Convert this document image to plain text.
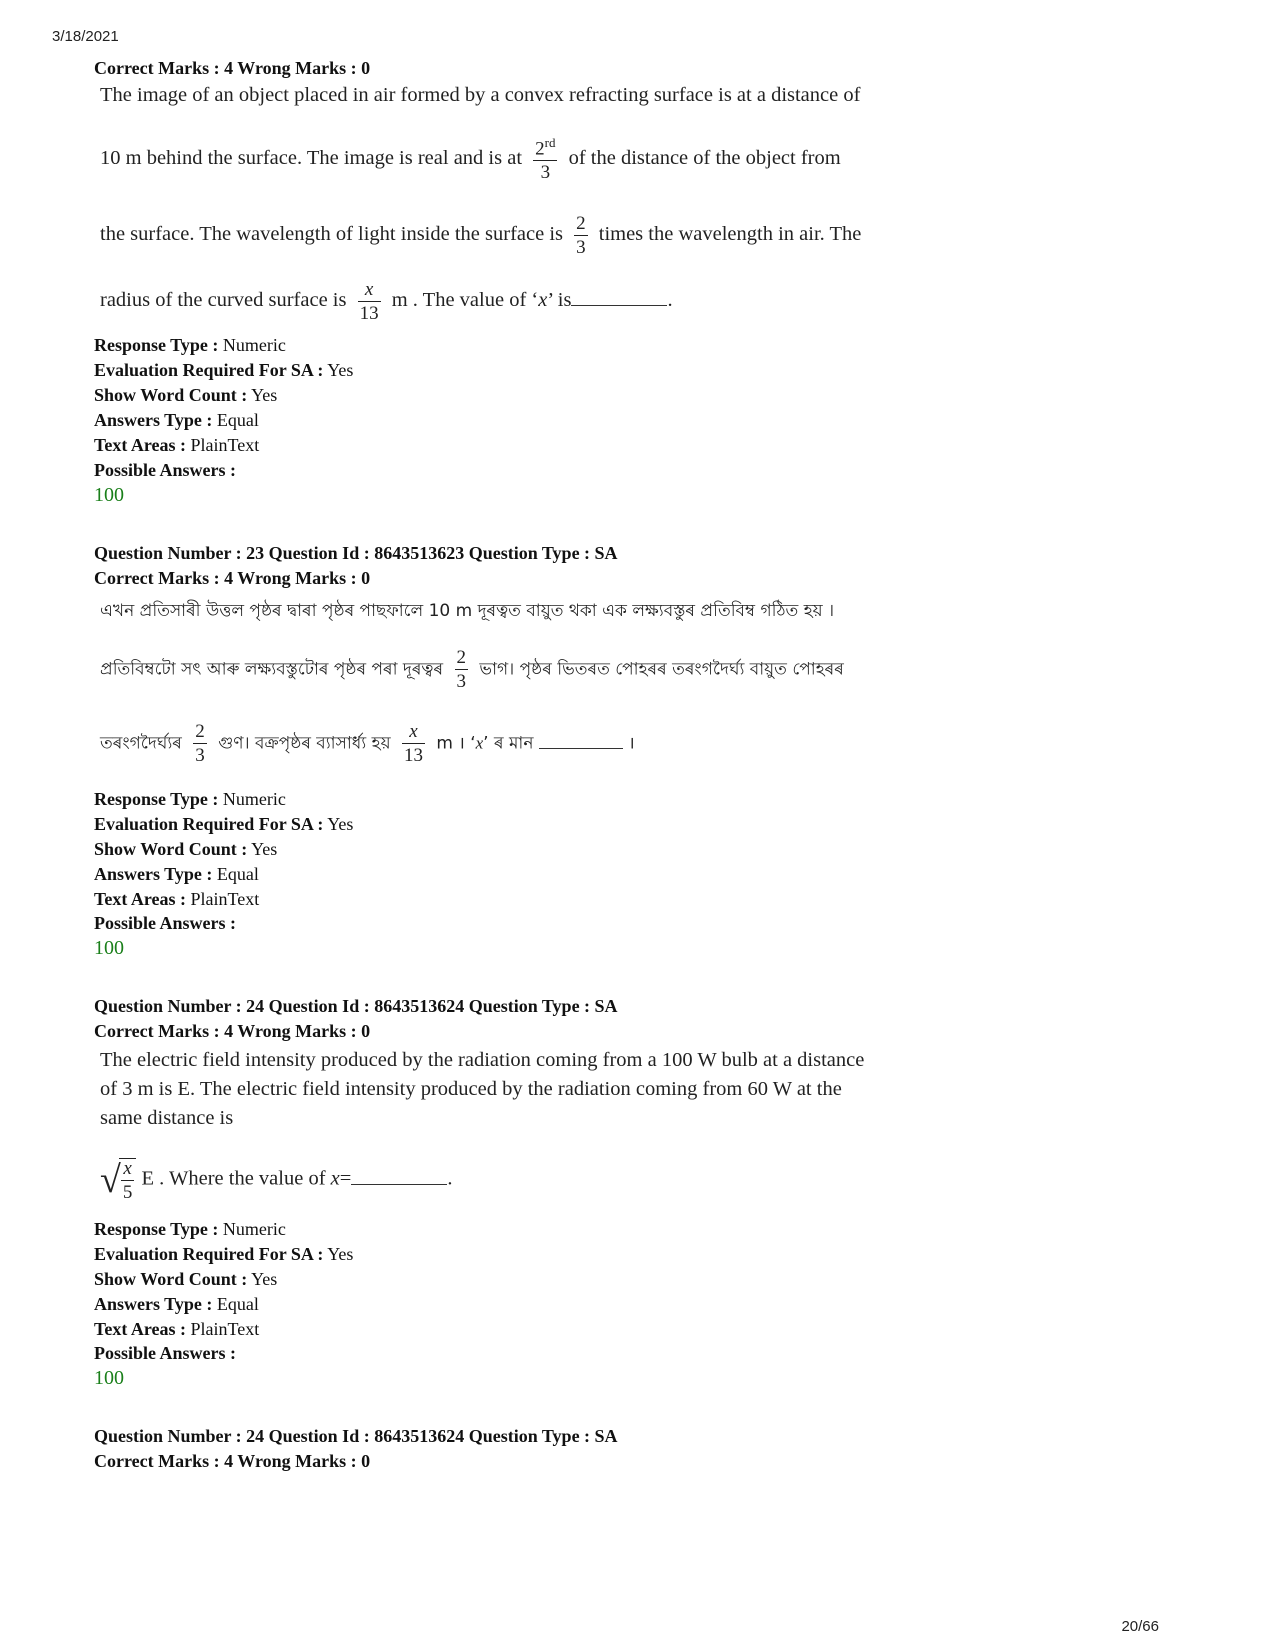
3/18/2021
Correct Marks : 4 Wrong Marks : 0
The image of an object placed in air formed by a convex refracting surface is at a distance of
10 m behind the surface. The image is real and is at $\frac{2^{rd}}{3}$ of the distance of the object from
the surface. The wavelength of light inside the surface is $\frac{2}{3}$ times the wavelength in air. The
radius of the curved surface is $\frac{x}{13}$ m . The value of ‘x’ is	.
Response Type : Numeric
Evaluation Required For SA : Yes
Show Word Count : Yes
Answers Type : Equal
Text Areas : PlainText
Possible Answers :
100
Question Number : 23 Question Id : 8643513623 Question Type : SA
Correct Marks : 4 Wrong Marks : 0
এখন প্ৰতিসাৰী উত্তল পৃষ্ঠৰ দ্বাৰা পৃষ্ঠৰ পাছফালে 10 m দূৰত্বত বায়ুত থকা এক লক্ষ্যবস্তুৰ প্ৰতিবিম্ব গঠিত হয় ।
প্ৰতিবিম্বটো সৎ আৰু লক্ষ্যবস্তুটোৰ পৃষ্ঠৰ পৰা দূৰত্বৰ $\frac{2}{3}$ ভাগ। পৃষ্ঠৰ ভিতৰত পোহৰৰ তৰংগদৈৰ্ঘ্য বায়ুত পোহৰৰ
তৰংগদৈৰ্ঘ্যৰ $\frac{2}{3}$ গুণ। বক্ৰপৃষ্ঠৰ ব্যাসাৰ্ধ্য হয় $\frac{x}{13}$ m । ‘x’ ৰ মান	।
Response Type : Numeric
Evaluation Required For SA : Yes
Show Word Count : Yes
Answers Type : Equal
Text Areas : PlainText
Possible Answers :
100
Question Number : 24 Question Id : 8643513624 Question Type : SA
Correct Marks : 4 Wrong Marks : 0
The electric field intensity produced by the radiation coming from a 100 W bulb at a distance
of 3 m is E. The electric field intensity produced by the radiation coming from 60 W at the
same distance is
√ $\frac{x}{5}$ E . Where the value of x=	.
Response Type : Numeric
Evaluation Required For SA : Yes
Show Word Count : Yes
Answers Type : Equal
Text Areas : PlainText
Possible Answers :
100
Question Number : 24 Question Id : 8643513624 Question Type : SA
Correct Marks : 4 Wrong Marks : 0
20/66
